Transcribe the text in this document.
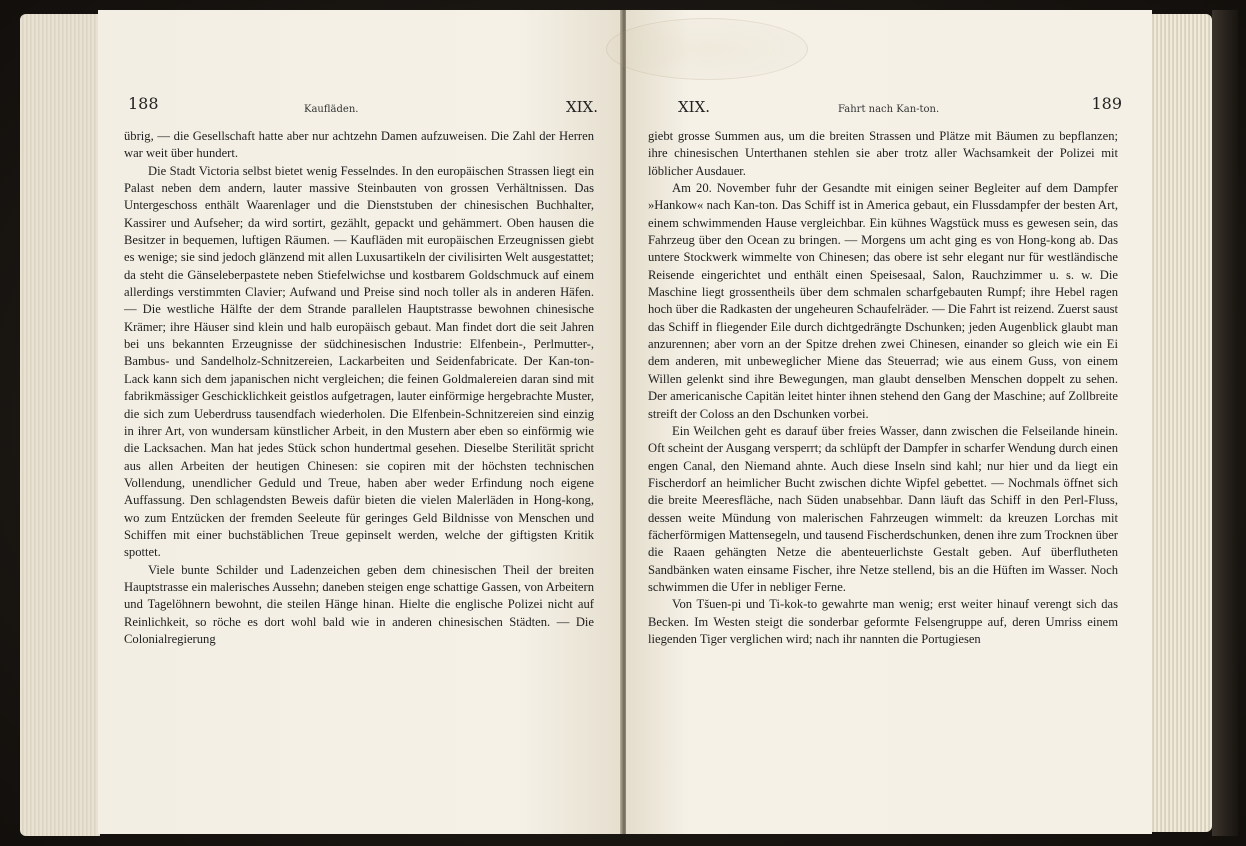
188	Kaufläden.	XIX.

übrig, — die Gesellschaft hatte aber nur achtzehn Damen aufzuweisen. Die Zahl der Herren war weit über hundert.

Die Stadt Victoria selbst bietet wenig Fesselndes. In den europäischen Strassen liegt ein Palast neben dem andern, lauter massive Steinbauten von grossen Verhältnissen. Das Untergeschoss enthält Waarenlager und die Dienststuben der chinesischen Buchhalter, Kassirer und Aufseher; da wird sortirt, gezählt, gepackt und gehämmert. Oben hausen die Besitzer in bequemen, luftigen Räumen. — Kaufläden mit europäischen Erzeugnissen giebt es wenige; sie sind jedoch glänzend mit allen Luxusartikeln der civilisirten Welt ausgestattet; da steht die Gänseleberpastete neben Stiefelwichse und kostbarem Goldschmuck auf einem allerdings verstimmten Clavier; Aufwand und Preise sind noch toller als in anderen Häfen. — Die westliche Hälfte der dem Strande parallelen Hauptstrasse bewohnen chinesische Krämer; ihre Häuser sind klein und halb europäisch gebaut. Man findet dort die seit Jahren bei uns bekannten Erzeugnisse der südchinesischen Industrie: Elfenbein-, Perlmutter-, Bambus- und Sandelholz-Schnitzereien, Lackarbeiten und Seidenfabricate. Der Kan-ton-Lack kann sich dem japanischen nicht vergleichen; die feinen Goldmalereien daran sind mit fabrikmässiger Geschicklichkeit geistlos aufgetragen, lauter einförmige hergebrachte Muster, die sich zum Ueberdruss tausendfach wiederholen. Die Elfenbein-Schnitzereien sind einzig in ihrer Art, von wundersam künstlicher Arbeit, in den Mustern aber eben so einförmig wie die Lacksachen. Man hat jedes Stück schon hundertmal gesehen. Dieselbe Sterilität spricht aus allen Arbeiten der heutigen Chinesen: sie copiren mit der höchsten technischen Vollendung, unendlicher Geduld und Treue, haben aber weder Erfindung noch eigene Auffassung. Den schlagendsten Beweis dafür bieten die vielen Malerläden in Hong-kong, wo zum Entzücken der fremden Seeleute für geringes Geld Bildnisse von Menschen und Schiffen mit einer buchstäblichen Treue gepinselt werden, welche der giftigsten Kritik spottet.

Viele bunte Schilder und Ladenzeichen geben dem chinesischen Theil der breiten Hauptstrasse ein malerisches Aussehn; daneben steigen enge schattige Gassen, von Arbeitern und Tagelöhnern bewohnt, die steilen Hänge hinan. Hielte die englische Polizei nicht auf Reinlichkeit, so röche es dort wohl bald wie in anderen chinesischen Städten. — Die Colonialregierung

XIX.	Fahrt nach Kan-ton.	189

giebt grosse Summen aus, um die breiten Strassen und Plätze mit Bäumen zu bepflanzen; ihre chinesischen Unterthanen stehlen sie aber trotz aller Wachsamkeit der Polizei mit löblicher Ausdauer.

Am 20. November fuhr der Gesandte mit einigen seiner Begleiter auf dem Dampfer »Hankow« nach Kan-ton. Das Schiff ist in America gebaut, ein Flussdampfer der besten Art, einem schwimmenden Hause vergleichbar. Ein kühnes Wagstück muss es gewesen sein, das Fahrzeug über den Ocean zu bringen. — Morgens um acht ging es von Hong-kong ab. Das untere Stockwerk wimmelte von Chinesen; das obere ist sehr elegant nur für westländische Reisende eingerichtet und enthält einen Speisesaal, Salon, Rauchzimmer u. s. w. Die Maschine liegt grossentheils über dem schmalen scharfgebauten Rumpf; ihre Hebel ragen hoch über die Radkasten der ungeheuren Schaufelräder. — Die Fahrt ist reizend. Zuerst saust das Schiff in fliegender Eile durch dichtgedrängte Dschunken; jeden Augenblick glaubt man anzurennen; aber vorn an der Spitze drehen zwei Chinesen, einander so gleich wie ein Ei dem anderen, mit unbeweglicher Miene das Steuerrad; wie aus einem Guss, von einem Willen gelenkt sind ihre Bewegungen, man glaubt denselben Menschen doppelt zu sehen. Der americanische Capitän leitet hinter ihnen stehend den Gang der Maschine; auf Zollbreite streift der Coloss an den Dschunken vorbei.

Ein Weilchen geht es darauf über freies Wasser, dann zwischen die Felseilande hinein. Oft scheint der Ausgang versperrt; da schlüpft der Dampfer in scharfer Wendung durch einen engen Canal, den Niemand ahnte. Auch diese Inseln sind kahl; nur hier und da liegt ein Fischerdorf an heimlicher Bucht zwischen dichte Wipfel gebettet. — Nochmals öffnet sich die breite Meeresfläche, nach Süden unabsehbar. Dann läuft das Schiff in den Perl-Fluss, dessen weite Mündung von malerischen Fahrzeugen wimmelt: da kreuzen Lorchas mit fächerförmigen Mattensegeln, und tausend Fischerdschunken, denen ihre zum Trocknen über die Raaen gehängten Netze die abenteuerlichste Gestalt geben. Auf überflutheten Sandbänken waten einsame Fischer, ihre Netze stellend, bis an die Hüften im Wasser. Noch schwimmen die Ufer in nebliger Ferne.

Von Tšuen-pi und Ti-kok-to gewahrte man wenig; erst weiter hinauf verengt sich das Becken. Im Westen steigt die sonderbar geformte Felsengruppe auf, deren Umriss einem liegenden Tiger verglichen wird; nach ihr nannten die Portugiesen
